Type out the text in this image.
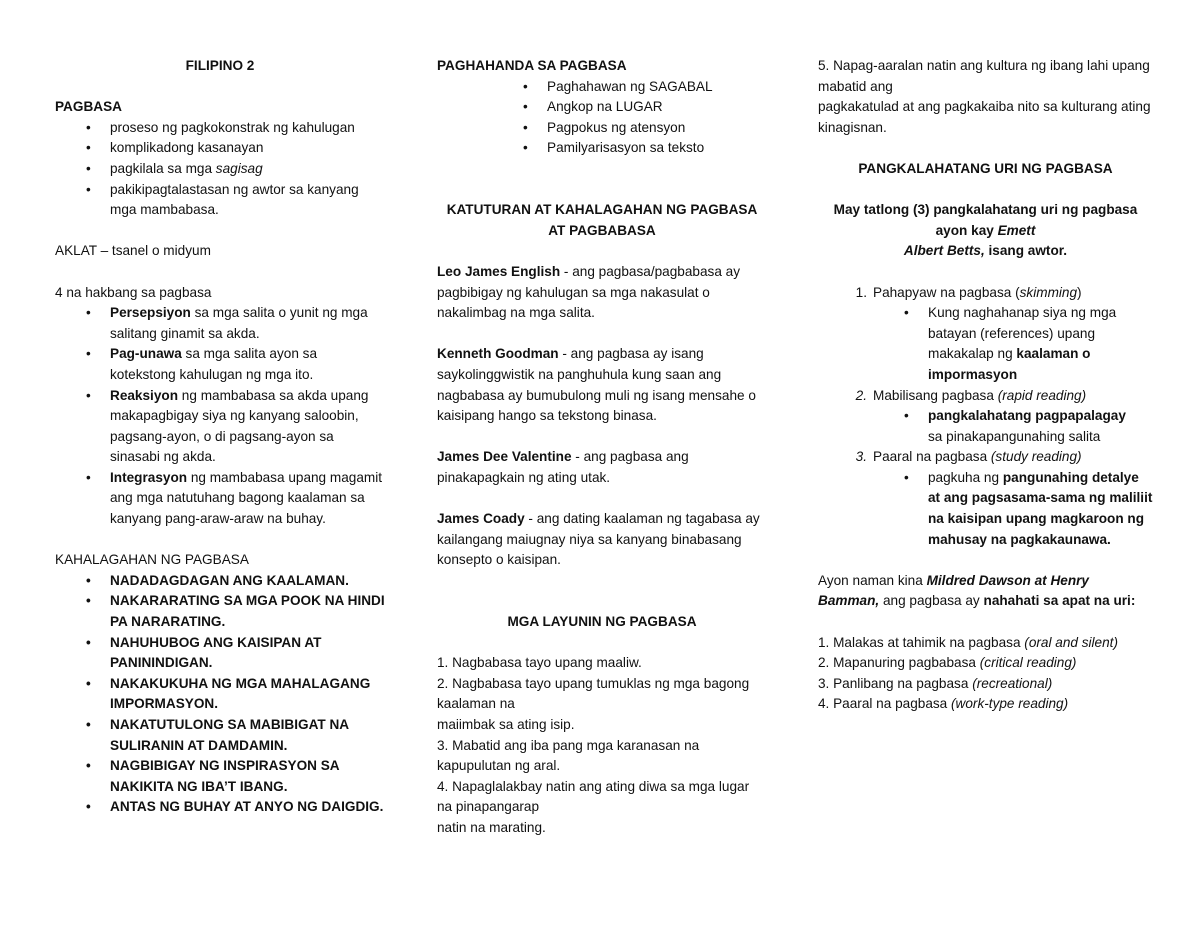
FILIPINO 2

PAGBASA

• proseso ng pagkokonstrak ng kahulugan
• komplikadong kasanayan
• pagkilala sa mga sagisag
• pakikipagtalastasan ng awtor sa kanyang mga mambabasa.

AKLAT – tsanel o midyum

4 na hakbang sa pagbasa

• Persepsiyon sa mga salita o yunit ng mga salitang ginamit sa akda.
• Pag-unawa sa mga salita ayon sa kotekstong kahulugan ng mga ito.
• Reaksiyon ng mambabasa sa akda upang makapagbigay siya ng kanyang saloobin, pagsang-ayon, o di pagsang-ayon sa sinasabi ng akda.
• Integrasyon ng mambabasa upang magamit ang mga natutuhang bagong kaalaman sa kanyang pang-araw-araw na buhay.

KAHALAGAHAN NG PAGBASA

• NADADAGDAGAN ANG KAALAMAN.
• NAKARARATING SA MGA POOK NA HINDI PA NARARATING.
• NAHUHUBOG ANG KAISIPAN AT PANININDIGAN.
• NAKAKUKUHA NG MGA MAHALAGANG IMPORMASYON.
• NAKATUTULONG SA MABIBIGAT NA SULIRANIN AT DAMDAMIN.
• NAGBIBIGAY NG INSPIRASYON SA NAKIKITA NG IBA’T IBANG.
• ANTAS NG BUHAY AT ANYO NG DAIGDIG.

PAGHAHANDA SA PAGBASA

• Paghahawan ng SAGABAL
• Angkop na LUGAR
• Pagpokus ng atensyon
• Pamilyarisasyon sa teksto

KATUTURAN AT KAHALAGAHAN NG PAGBASA

AT PAGBABASA

Leo James English - ang pagbasa/pagbabasa ay pagbibigay ng kahulugan sa mga nakasulat o nakalimbag na mga salita.

Kenneth Goodman - ang pagbasa ay isang saykolinggwistik na panghuhula kung saan ang nagbabasa ay bumubulong muli ng isang mensahe o kaisipang hango sa tekstong binasa.

James Dee Valentine - ang pagbasa ang pinakapagkain ng ating utak.

James Coady - ang dating kaalaman ng tagabasa ay kailangang maiugnay niya sa kanyang binabasang konsepto o kaisipan.

MGA LAYUNIN NG PAGBASA

1. Nagbabasa tayo upang maaliw.

2. Nagbabasa tayo upang tumuklas ng mga bagong kaalaman na

maiimbak sa ating isip.

3. Mabatid ang iba pang mga karanasan na kapupulutan ng aral.

4. Napaglalakbay natin ang ating diwa sa mga lugar na pinapangarap

natin na marating.

5. Napag-aaralan natin ang kultura ng ibang lahi upang mabatid ang

pagkakatulad at ang pagkakaiba nito sa kulturang ating kinagisnan.

PANGKALAHATANG URI NG PAGBASA

May tatlong (3) pangkalahatang uri ng pagbasa ayon kay Emett
Albert Betts, isang awtor.

1. Pahapyaw na pagbasa (skimming)
• Kung naghahanap siya ng mga batayan (references) upang makakalap ng kaalaman o impormasyon
2. Mabilisang pagbasa (rapid reading)
• pangkalahatang pagpapalagay
sa pinakapangunahing salita
3. Paaral na pagbasa (study reading)
• pagkuha ng pangunahing detalye at ang pagsasama-sama ng maliliit na kaisipan upang magkaroon ng mahusay na pagkakaunawa.

Ayon naman kina Mildred Dawson at Henry Bamman, ang pagbasa ay nahahati sa apat na uri:

1. Malakas at tahimik na pagbasa (oral and silent)

2. Mapanuring pagbabasa (critical reading)

3. Panlibang na pagbasa (recreational)

4. Paaral na pagbasa (work-type reading)
